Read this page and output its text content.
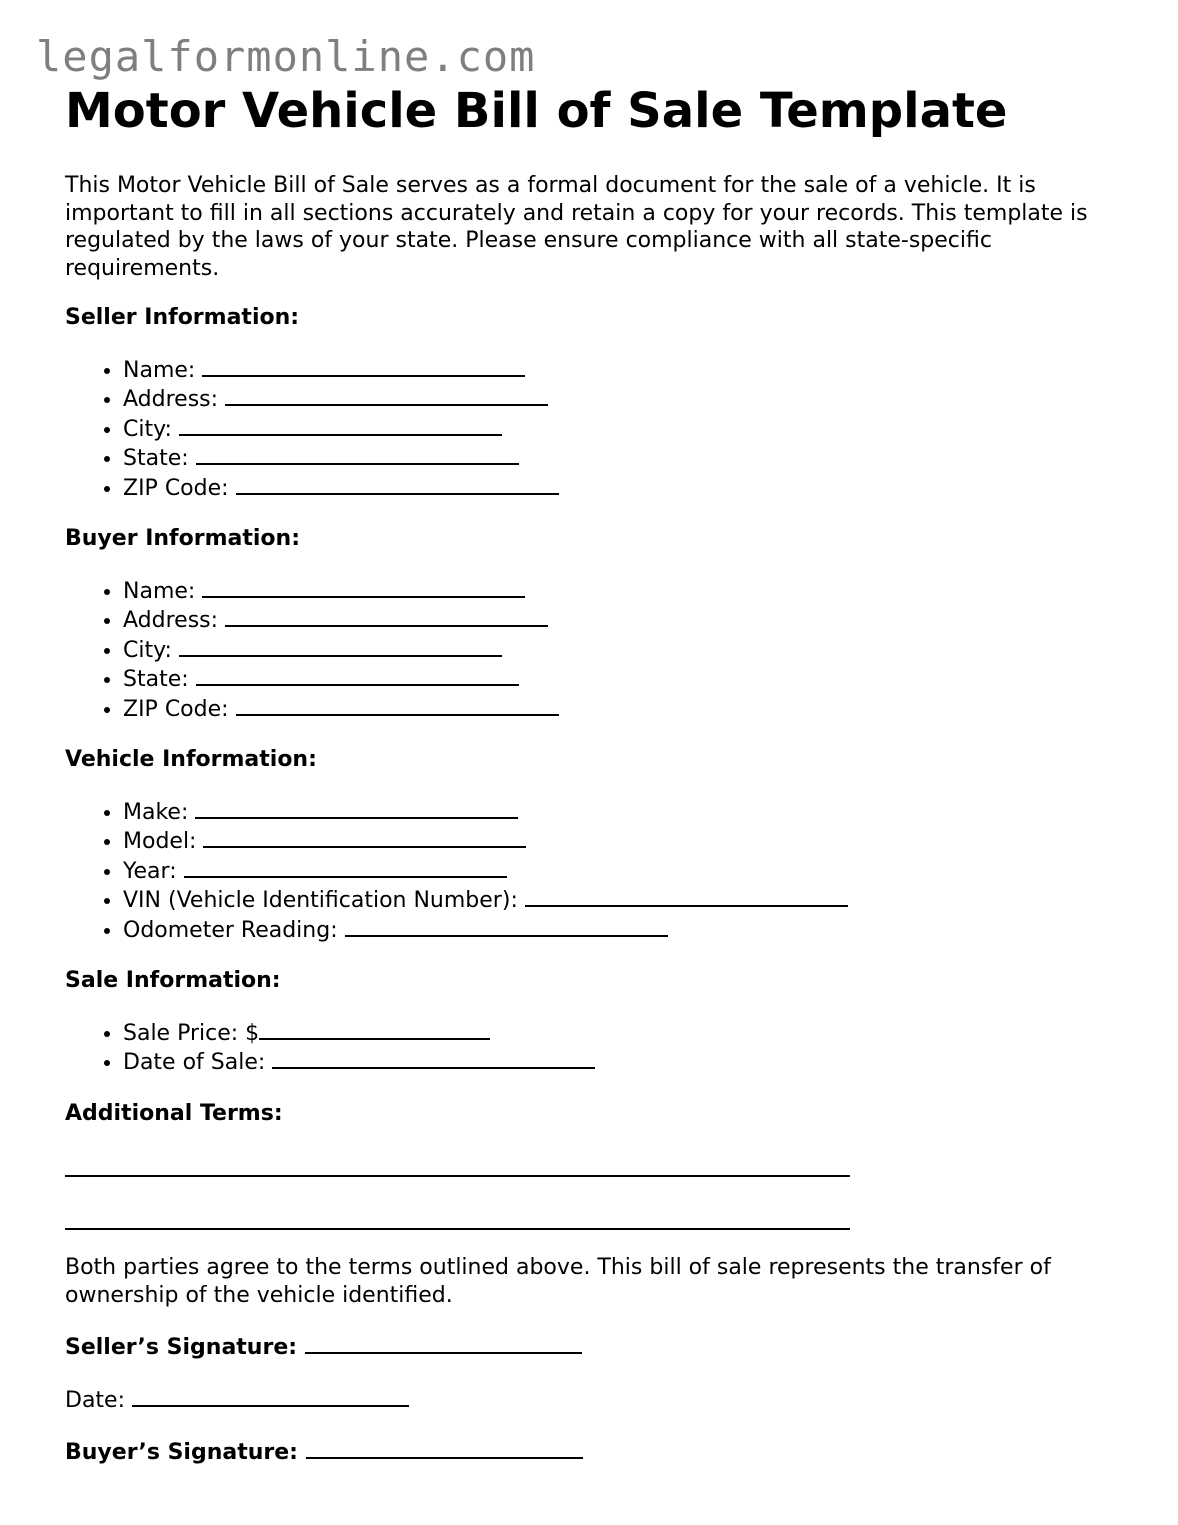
legalformonline.com
Motor Vehicle Bill of Sale Template

This Motor Vehicle Bill of Sale serves as a formal document for the sale of a vehicle. It is important to fill in all sections accurately and retain a copy for your records. This template is regulated by the laws of your state. Please ensure compliance with all state-specific requirements.

Seller Information:
• Name:
• Address:
• City:
• State:
• ZIP Code:
Buyer Information:
• Name:
• Address:
• City:
• State:
• ZIP Code:
Vehicle Information:
• Make:
• Model:
• Year:
• VIN (Vehicle Identification Number):
• Odometer Reading:
Sale Information:
• Sale Price: $
• Date of Sale:
Additional Terms:

Both parties agree to the terms outlined above. This bill of sale represents the transfer of ownership of the vehicle identified.

Seller’s Signature:

Date:

Buyer’s Signature:
